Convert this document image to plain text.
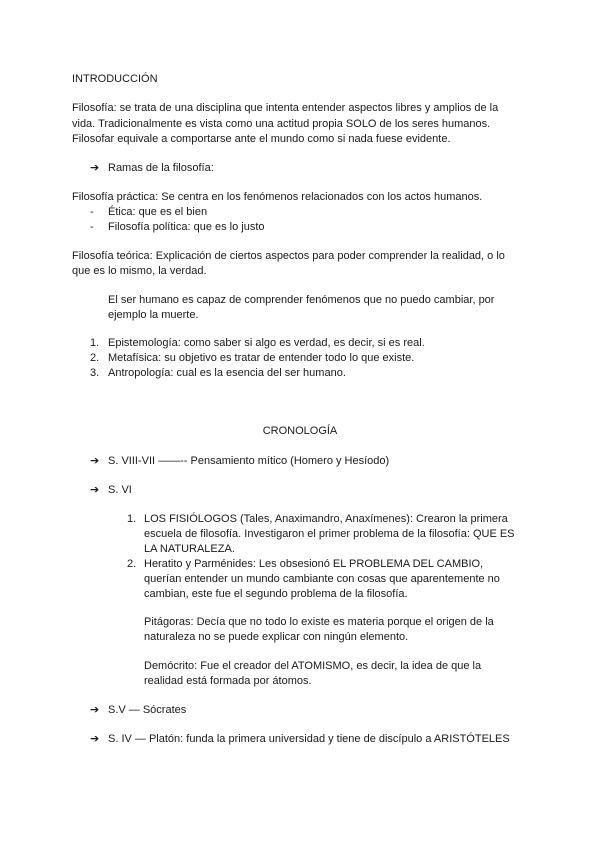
INTRODUCCIÓN
Filosofía: se trata de una disciplina que intenta entender aspectos libres y amplios de la
vida. Tradicionalmente es vista como una actitud propia SOLO de los seres humanos.
Filosofar equivale a comportarse ante el mundo como si nada fuese evidente.
➔ Ramas de la filosofía:
Filosofía práctica: Se centra en los fenómenos relacionados con los actos humanos.
- Ética: que es el bien
- Filosofía política: que es lo justo
Filosofía teórica: Explicación de ciertos aspectos para poder comprender la realidad, o lo
que es lo mismo, la verdad.
El ser humano es capaz de comprender fenómenos que no puedo cambiar, por
ejemplo la muerte.
1. Epistemología: como saber si algo es verdad, es decir, si es real.
2. Metafísica: su objetivo es tratar de entender todo lo que existe.
3. Antropología: cual es la esencia del ser humano.
CRONOLOGÍA
➔ S. VIII-VII ——-- Pensamiento mítico (Homero y Hesíodo)
➔ S. VI
1. LOS FISIÓLOGOS (Tales, Anaximandro, Anaxímenes): Crearon la primera
escuela de filosofía. Investigaron el primer problema de la filosofía: QUE ES
LA NATURALEZA.
2. Heratito y Parménides: Les obsesionó EL PROBLEMA DEL CAMBIO,
querían entender un mundo cambiante con cosas que aparentemente no
cambian, este fue el segundo problema de la filosofía.
Pitágoras: Decía que no todo lo existe es materia porque el origen de la
naturaleza no se puede explicar con ningún elemento.
Demócrito: Fue el creador del ATOMISMO, es decir, la idea de que la
realidad está formada por átomos.
➔ S.V — Sócrates
➔ S. IV — Platón: funda la primera universidad y tiene de discípulo a ARISTÓTELES
